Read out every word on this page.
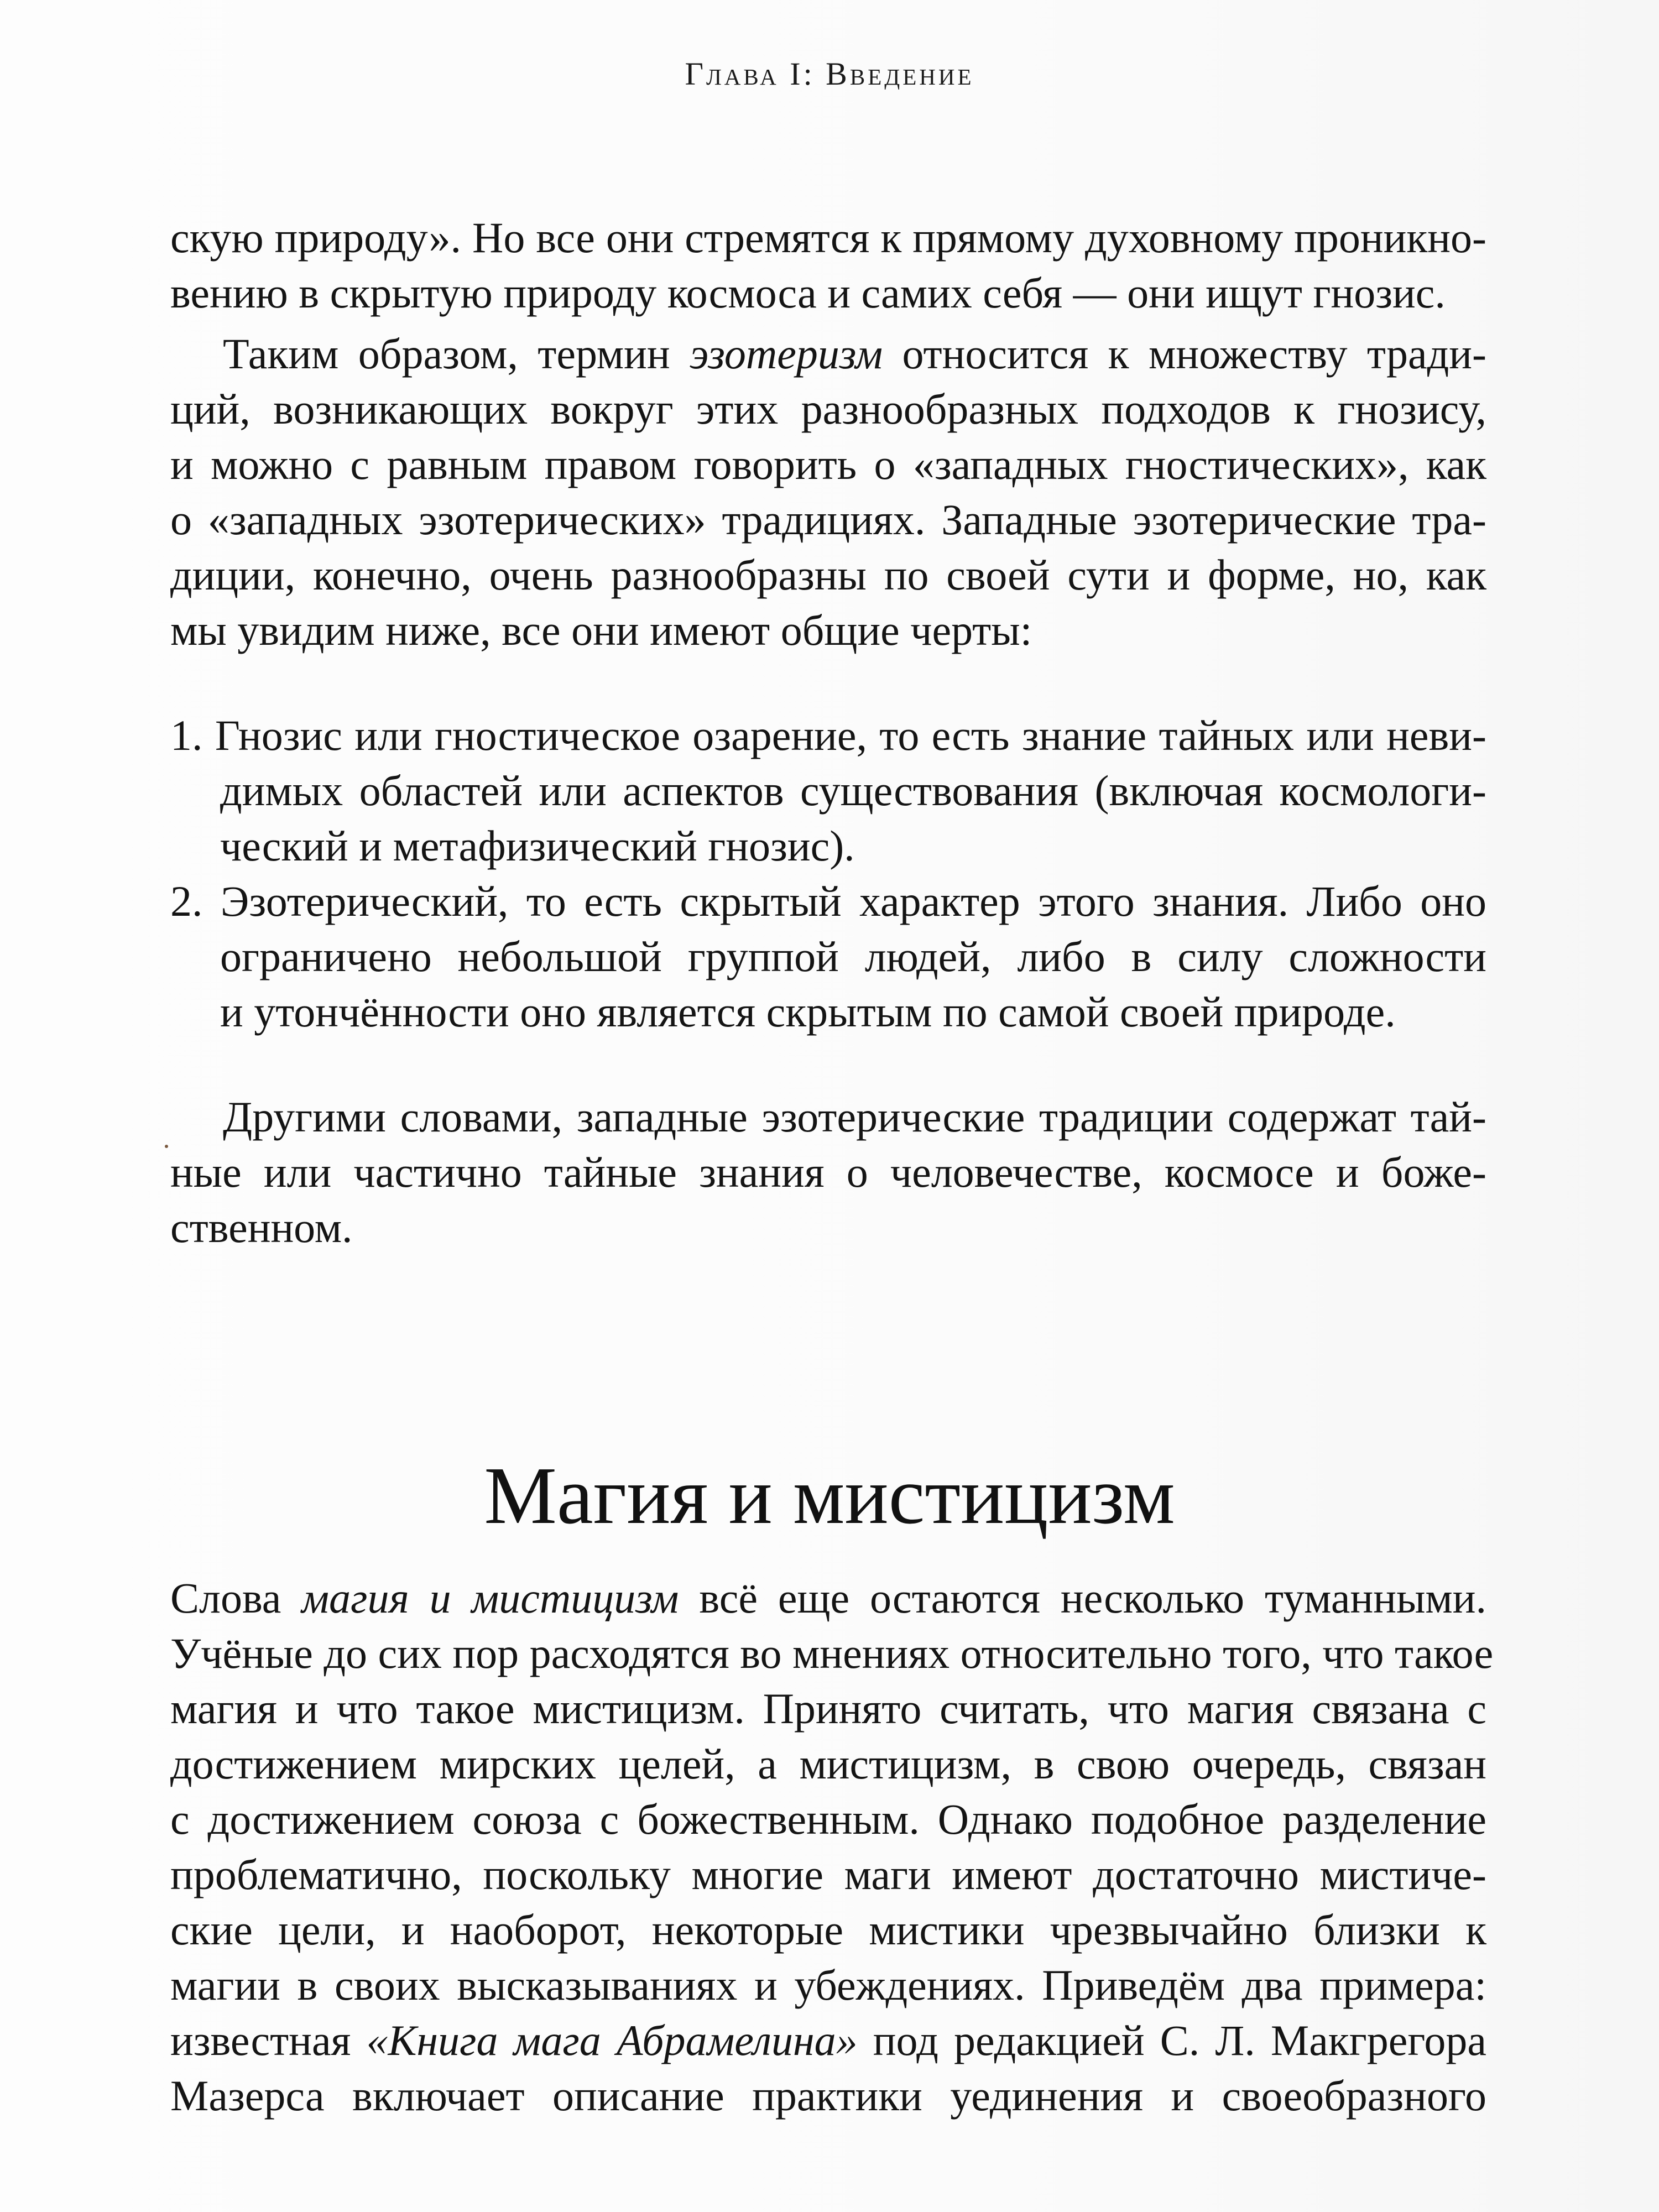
Глава I: Введение
скую природу». Но все они стремятся к прямому духовному проникно-
вению в скрытую природу космоса и самих себя — они ищут гнозис.
Таким образом, термин эзотеризм относится к множеству тради-
ций, возникающих вокруг этих разнообразных подходов к гнозису,
и можно с равным правом говорить о «западных гностических», как
о «западных эзотерических» традициях. Западные эзотерические тра-
диции, конечно, очень разнообразны по своей сути и форме, но, как
мы увидим ниже, все они имеют общие черты:
1. Гнозис или гностическое озарение, то есть знание тайных или неви-
димых областей или аспектов существования (включая космологи-
ческий и метафизический гнозис).
2. Эзотерический, то есть скрытый характер этого знания. Либо оно
ограничено небольшой группой людей, либо в силу сложности
и утончённости оно является скрытым по самой своей природе.
Другими словами, западные эзотерические традиции содержат тай-
ные или частично тайные знания о человечестве, космосе и боже-
ственном.
Магия и мистицизм
Слова магия и мистицизм всё еще остаются несколько туманными.
Учёные до сих пор расходятся во мнениях относительно того, что такое
магия и что такое мистицизм. Принято считать, что магия связана с
достижением мирских целей, а мистицизм, в свою очередь, связан
с достижением союза с божественным. Однако подобное разделение
проблематично, поскольку многие маги имеют достаточно мистиче-
ские цели, и наоборот, некоторые мистики чрезвычайно близки к
магии в своих высказываниях и убеждениях. Приведём два примера:
известная «Книга мага Абрамелина» под редакцией С. Л. Макгрегора
Мазерса включает описание практики уединения и своеобразного
